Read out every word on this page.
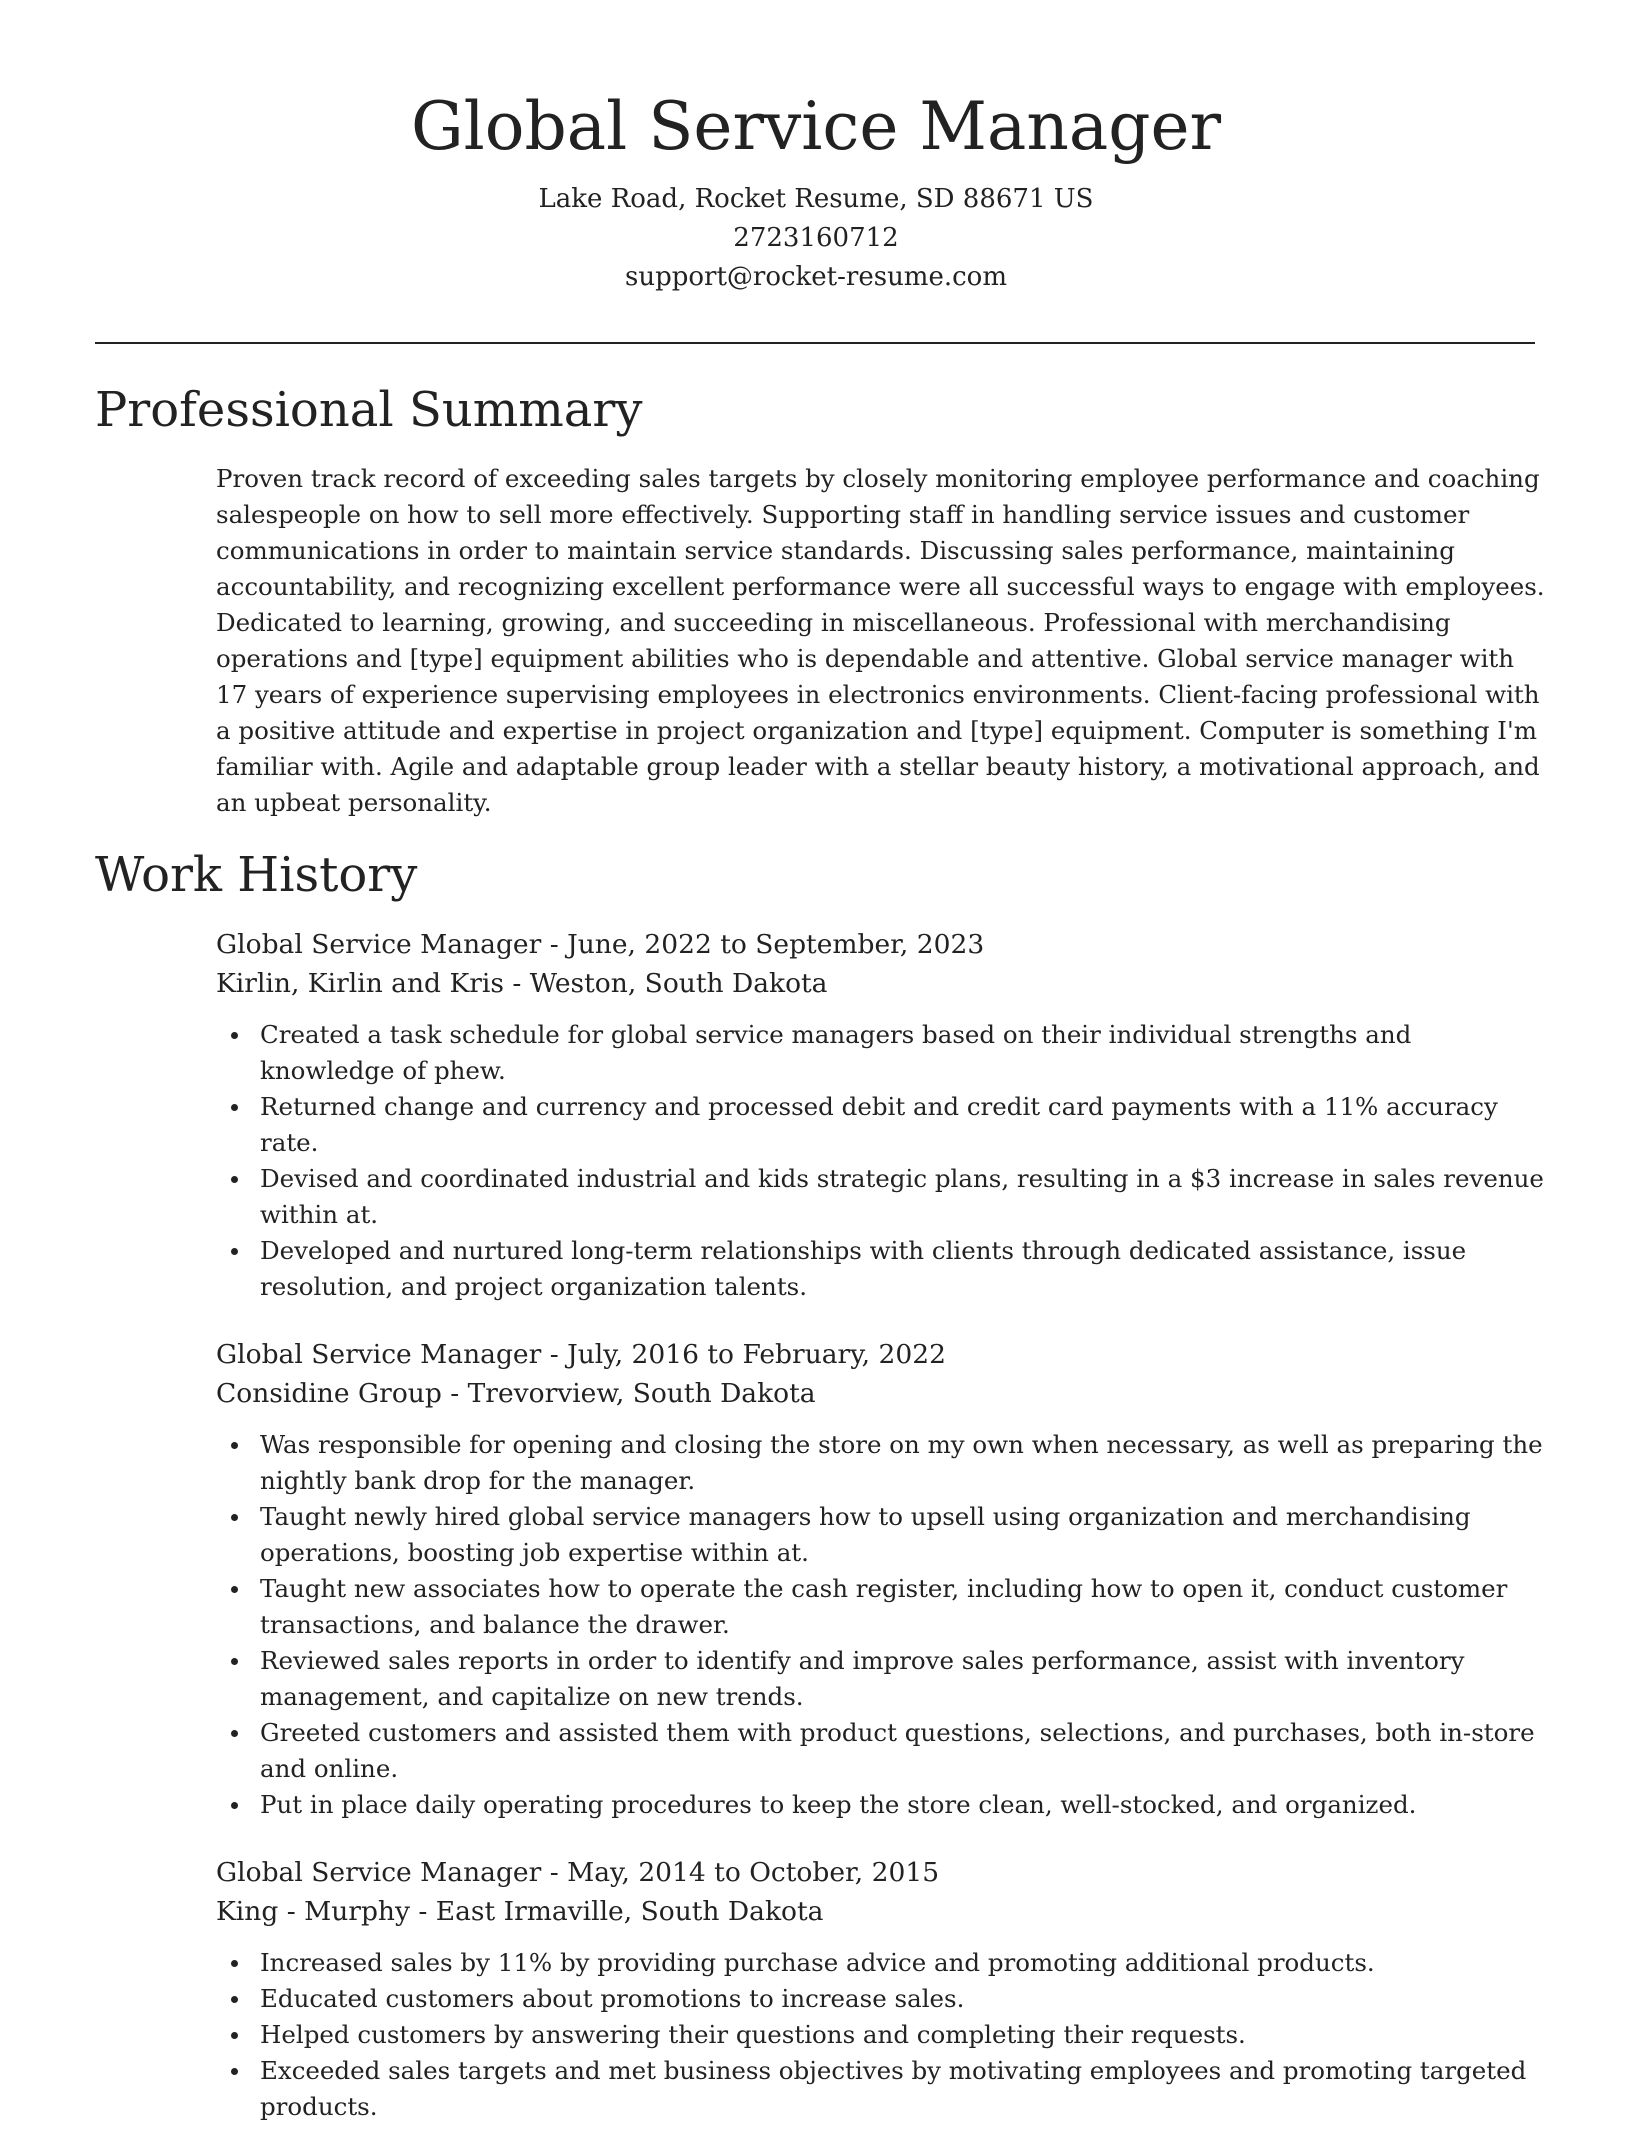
Global Service Manager
Lake Road, Rocket Resume, SD 88671 US
2723160712
support@rocket-resume.com
Professional Summary

Proven track record of exceeding sales targets by closely monitoring employee performance and coaching salespeople on how to sell more effectively. Supporting staff in handling service issues and customer communications in order to maintain service standards. Discussing sales performance, maintaining accountability, and recognizing excellent performance were all successful ways to engage with employees. Dedicated to learning, growing, and succeeding in miscellaneous. Professional with merchandising operations and [type] equipment abilities who is dependable and attentive. Global service manager with 17 years of experience supervising employees in electronics environments. Client-facing professional with a positive attitude and expertise in project organization and [type] equipment. Computer is something I'm familiar with. Agile and adaptable group leader with a stellar beauty history, a motivational approach, and an upbeat personality.

Work History

Global Service Manager - June, 2022 to September, 2023

Kirlin, Kirlin and Kris - Weston, South Dakota

Created a task schedule for global service managers based on their individual strengths and knowledge of phew.
Returned change and currency and processed debit and credit card payments with a 11% accuracy rate.
Devised and coordinated industrial and kids strategic plans, resulting in a $3 increase in sales revenue within at.
Developed and nurtured long-term relationships with clients through dedicated assistance, issue resolution, and project organization talents.

Global Service Manager - July, 2016 to February, 2022

Considine Group - Trevorview, South Dakota

Was responsible for opening and closing the store on my own when necessary, as well as preparing the nightly bank drop for the manager.
Taught newly hired global service managers how to upsell using organization and merchandising operations, boosting job expertise within at.
Taught new associates how to operate the cash register, including how to open it, conduct customer transactions, and balance the drawer.
Reviewed sales reports in order to identify and improve sales performance, assist with inventory management, and capitalize on new trends.
Greeted customers and assisted them with product questions, selections, and purchases, both in-store and online.
Put in place daily operating procedures to keep the store clean, well-stocked, and organized.

Global Service Manager - May, 2014 to October, 2015

King - Murphy - East Irmaville, South Dakota

Increased sales by 11% by providing purchase advice and promoting additional products.
Educated customers about promotions to increase sales.
Helped customers by answering their questions and completing their requests.
Exceeded sales targets and met business objectives by motivating employees and promoting targeted products.
